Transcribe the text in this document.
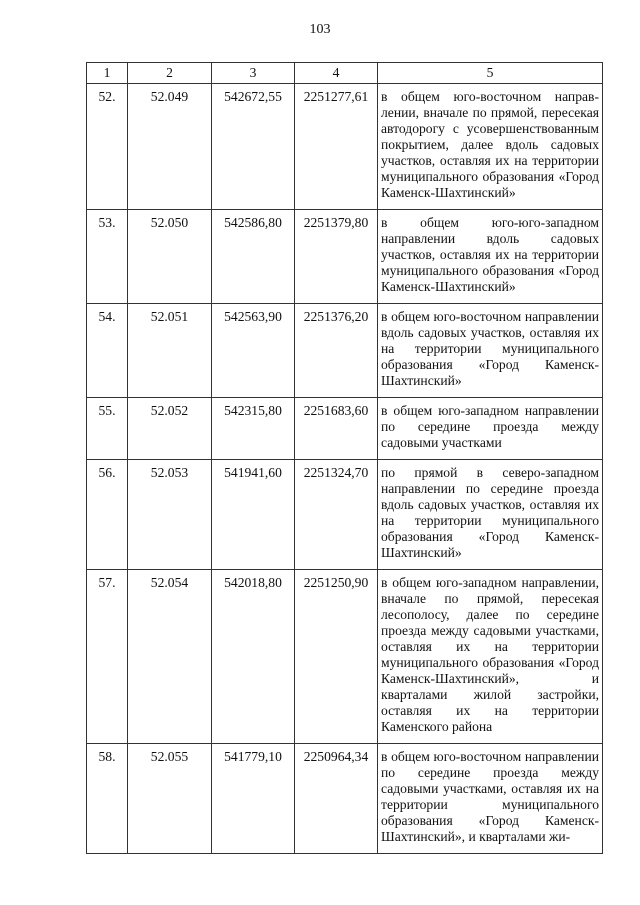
103
1	2	3	4	5
52.	52.049	542672,55	2251277,61	в общем юго-восточном направлении, вначале по прямой, пересекая автодорогу с усовершенствованным покрытием, далее вдоль садовых участков, оставляя их на территории муниципального образования «Город Каменск-Шахтинский»
53.	52.050	542586,80	2251379,80	в общем юго-юго-западном направлении вдоль садовых участков, оставляя их на территории муниципального образования «Город Каменск-Шахтинский»
54.	52.051	542563,90	2251376,20	в общем юго-восточном направлении вдоль садовых участков, оставляя их на территории муниципального образования «Город Каменск-Шахтинский»
55.	52.052	542315,80	2251683,60	в общем юго-западном направлении по середине проезда между садовыми участками
56.	52.053	541941,60	2251324,70	по прямой в северо-западном направлении по середине проезда вдоль садовых участков, оставляя их на территории муниципального образования «Город Каменск-Шахтинский»
57.	52.054	542018,80	2251250,90	в общем юго-западном направлении, вначале по прямой, пересекая лесополосу, далее по середине проезда между садовыми участками, оставляя их на территории муниципального образования «Город Каменск-Шахтинский», и кварталами жилой застройки, оставляя их на территории Каменского района
58.	52.055	541779,10	2250964,34	в общем юго-восточном направлении по середине проезда между садовыми участками, оставляя их на территории муниципального образования «Город Каменск-Шахтинский», и кварталами жи-
